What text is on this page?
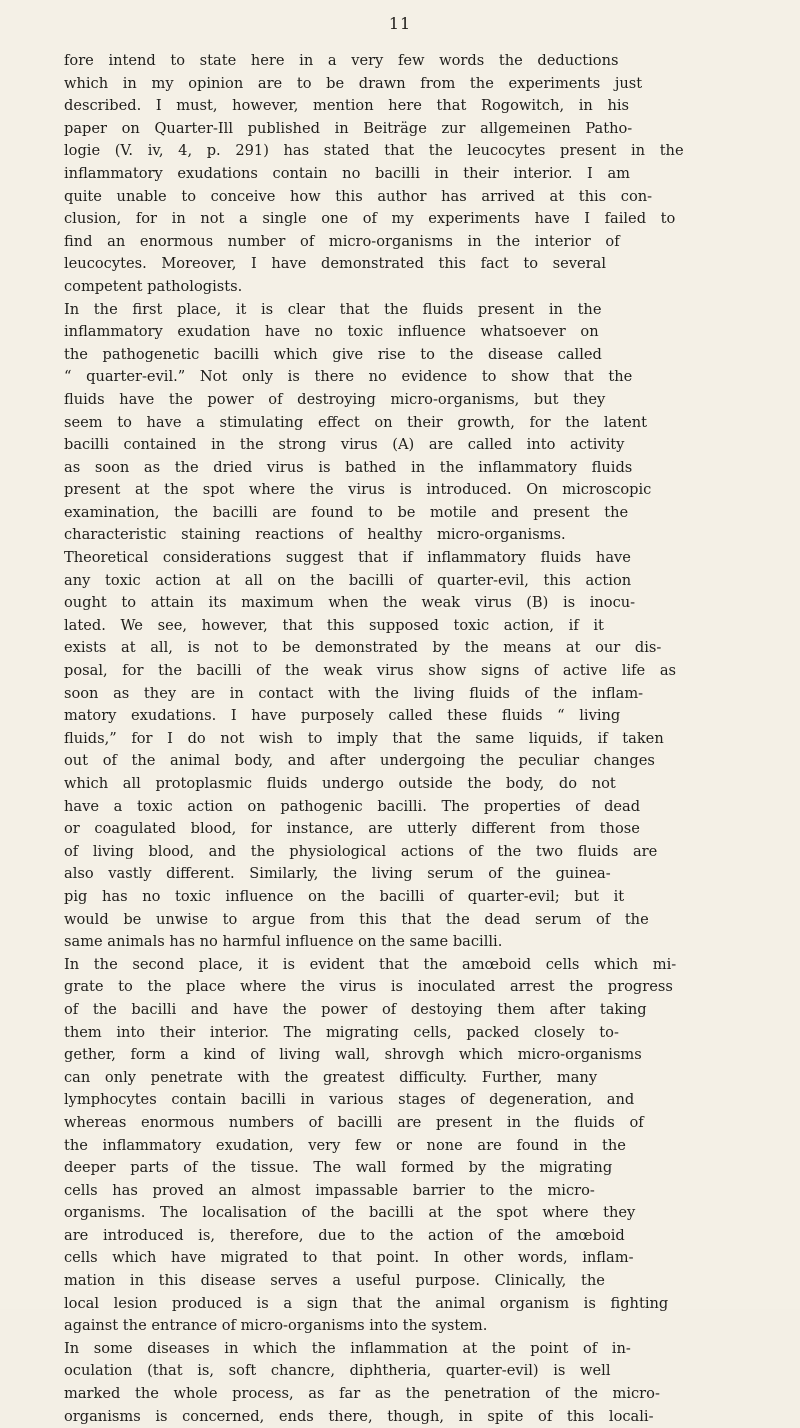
11
fore intend to state here in a very few words the deductions
which in my opinion are to be drawn from the experiments just
described. I must, however, mention here that Rogowitch, in his
paper on Quarter-Ill published in Beiträge zur allgemeinen Patho-
logie (V. iv, 4, p. 291) has stated that the leucocytes present in the
inflammatory exudations contain no bacilli in their interior. I am
quite unable to conceive how this author has arrived at this con-
clusion, for in not a single one of my experiments have I failed to
find an enormous number of micro-organisms in the interior of
leucocytes. Moreover, I have demonstrated this fact to several
competent pathologists.
In the first place, it is clear that the fluids present in the
inflammatory exudation have no toxic influence whatsoever on
the pathogenetic bacilli which give rise to the disease called
“ quarter-evil.” Not only is there no evidence to show that the
fluids have the power of destroying micro-organisms, but they
seem to have a stimulating effect on their growth, for the latent
bacilli contained in the strong virus (A) are called into activity
as soon as the dried virus is bathed in the inflammatory fluids
present at the spot where the virus is introduced. On microscopic
examination, the bacilli are found to be motile and present the
characteristic staining reactions of healthy micro-organisms.
Theoretical considerations suggest that if inflammatory fluids have
any toxic action at all on the bacilli of quarter-evil, this action
ought to attain its maximum when the weak virus (B) is inocu-
lated. We see, however, that this supposed toxic action, if it
exists at all, is not to be demonstrated by the means at our dis-
posal, for the bacilli of the weak virus show signs of active life as
soon as they are in contact with the living fluids of the inflam-
matory exudations. I have purposely called these fluids “ living
fluids,” for I do not wish to imply that the same liquids, if taken
out of the animal body, and after undergoing the peculiar changes
which all protoplasmic fluids undergo outside the body, do not
have a toxic action on pathogenic bacilli. The properties of dead
or coagulated blood, for instance, are utterly different from those
of living blood, and the physiological actions of the two fluids are
also vastly different. Similarly, the living serum of the guinea-
pig has no toxic influence on the bacilli of quarter-evil; but it
would be unwise to argue from this that the dead serum of the
same animals has no harmful influence on the same bacilli.
In the second place, it is evident that the amœboid cells which mi-
grate to the place where the virus is inoculated arrest the progress
of the bacilli and have the power of destoying them after taking
them into their interior. The migrating cells, packed closely to-
gether, form a kind of living wall, shrovgh which micro-organisms
can only penetrate with the greatest difficulty. Further, many
lymphocytes contain bacilli in various stages of degeneration, and
whereas enormous numbers of bacilli are present in the fluids of
the inflammatory exudation, very few or none are found in the
deeper parts of the tissue. The wall formed by the migrating
cells has proved an almost impassable barrier to the micro-
organisms. The localisation of the bacilli at the spot where they
are introduced is, therefore, due to the action of the amœboid
cells which have migrated to that point. In other words, inflam-
mation in this disease serves a useful purpose. Clinically, the
local lesion produced is a sign that the animal organism is fighting
against the entrance of micro-organisms into the system.
In some diseases in which the inflammation at the point of in-
oculation (that is, soft chancre, diphtheria, quarter-evil) is well
marked the whole process, as far as the penetration of the micro-
organisms is concerned, ends there, though, in spite of this locali-
